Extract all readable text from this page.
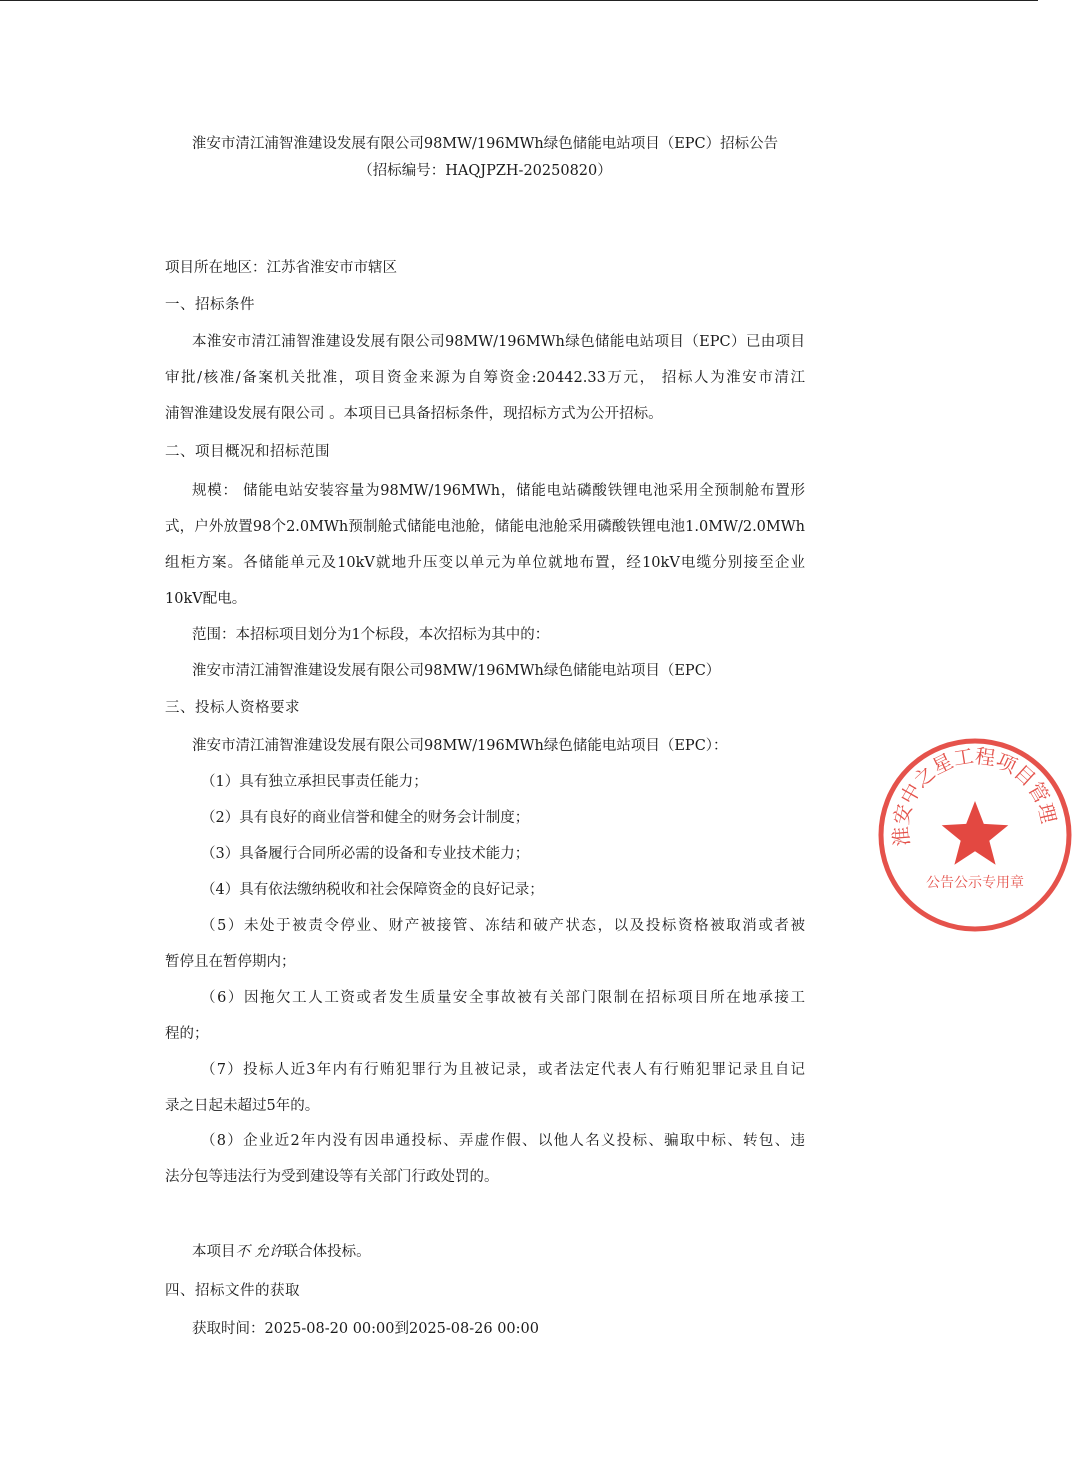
淮安市清江浦智淮建设发展有限公司98MW/196MWh绿色储能电站项目（EPC）招标公告
（招标编号：HAQJPZH-20250820）
项目所在地区：江苏省淮安市市辖区
一、招标条件
本淮安市清江浦智淮建设发展有限公司98MW/196MWh绿色储能电站项目（EPC）已由项目
审批/核准/备案机关批准，项目资金来源为自筹资金:20442.33万元， 招标人为淮安市清江
浦智淮建设发展有限公司 。本项目已具备招标条件，现招标方式为公开招标。
二、项目概况和招标范围
规模： 储能电站安装容量为98MW/196MWh，储能电站磷酸铁锂电池采用全预制舱布置形
式，户外放置98个2.0MWh预制舱式储能电池舱，储能电池舱采用磷酸铁锂电池1.0MW/2.0MWh
组柜方案。各储能单元及10kV就地升压变以单元为单位就地布置，经10kV电缆分别接至企业
10kV配电。
范围：本招标项目划分为1个标段，本次招标为其中的：
淮安市清江浦智淮建设发展有限公司98MW/196MWh绿色储能电站项目（EPC）
三、投标人资格要求
淮安市清江浦智淮建设发展有限公司98MW/196MWh绿色储能电站项目（EPC）：
（1）具有独立承担民事责任能力；
（2）具有良好的商业信誉和健全的财务会计制度；
（3）具备履行合同所必需的设备和专业技术能力；
（4）具有依法缴纳税收和社会保障资金的良好记录；
（5）未处于被责令停业、财产被接管、冻结和破产状态，以及投标资格被取消或者被
暂停且在暂停期内；
（6）因拖欠工人工资或者发生质量安全事故被有关部门限制在招标项目所在地承接工
程的；
（7）投标人近3年内有行贿犯罪行为且被记录，或者法定代表人有行贿犯罪记录且自记
录之日起未超过5年的。
（8）企业近2年内没有因串通投标、弄虚作假、以他人名义投标、骗取中标、转包、违
法分包等违法行为受到建设等有关部门行政处罚的。
本项目不 允许联合体投标。
四、招标文件的获取
获取时间：2025-08-20 00:00到2025-08-26 00:00
淮安中之星工程项目管理
公告公示专用章
